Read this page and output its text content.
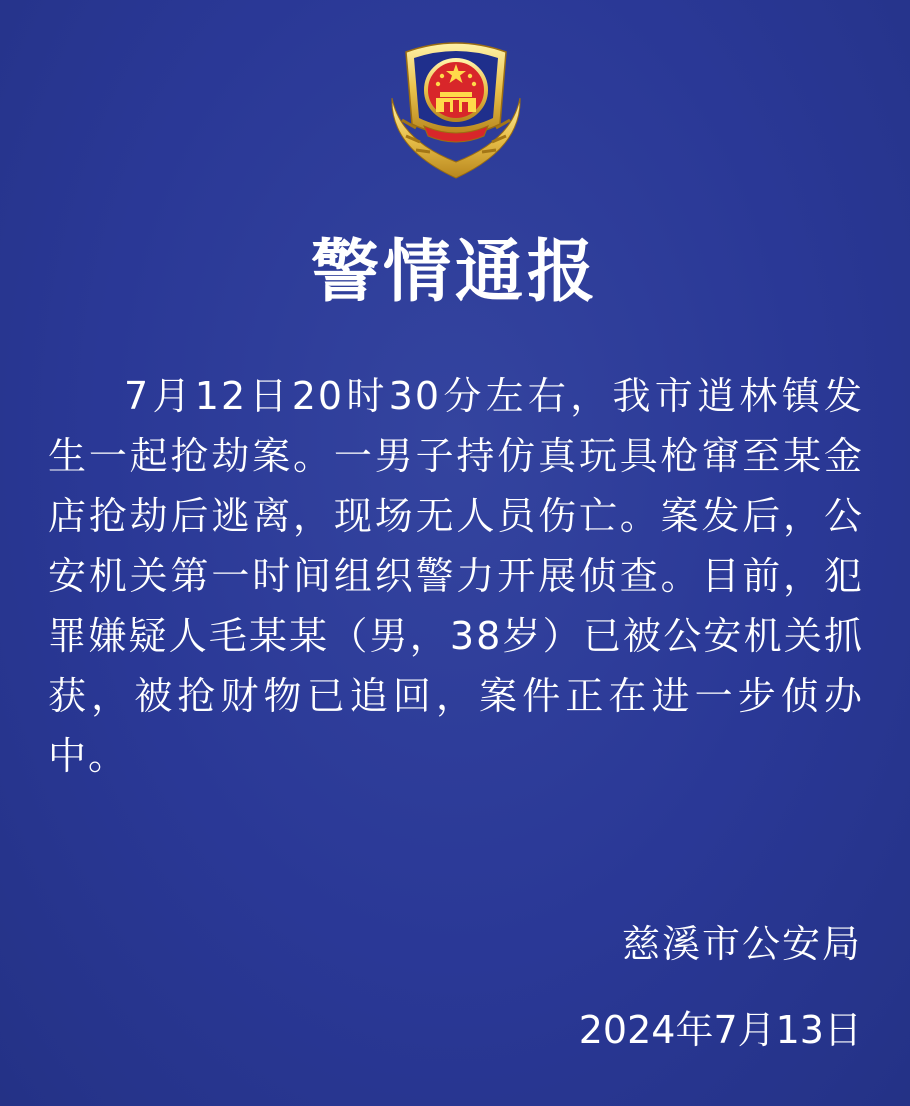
警情通报
7月12日20时30分左右，我市逍林镇发生一起抢劫案。一男子持仿真玩具枪窜至某金店抢劫后逃离，现场无人员伤亡。案发后，公安机关第一时间组织警力开展侦查。目前，犯罪嫌疑人毛某某（男，38岁）已被公安机关抓获，被抢财物已追回，案件正在进一步侦办中。
慈溪市公安局
2024年7月13日
